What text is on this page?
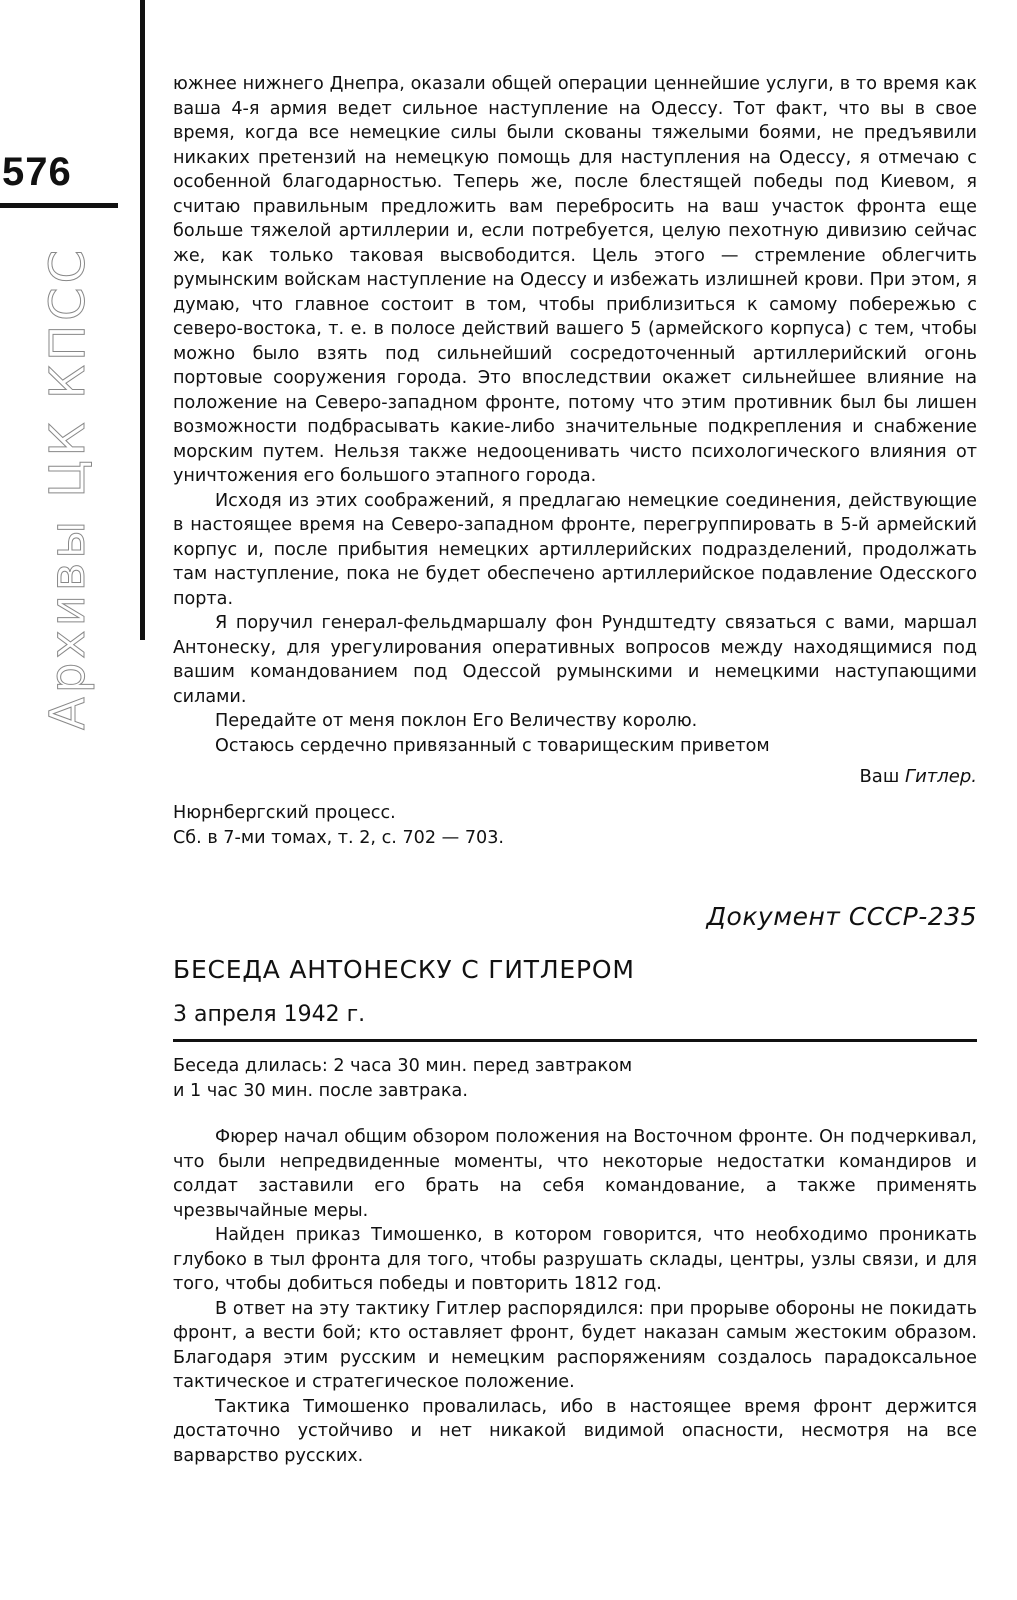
576
Архивы ЦК КПСС

южнее нижнего Днепра, оказали общей операции ценнейшие услуги, в то время как ваша 4-я армия ведет сильное наступление на Одессу. Тот факт, что вы в свое время, когда все немецкие силы были скованы тяжелыми боями, не предъявили никаких претензий на немецкую помощь для наступления на Одессу, я отмечаю с особенной благодарностью. Теперь же, после блестящей победы под Киевом, я считаю правильным предложить вам перебросить на ваш участок фронта еще больше тяжелой артиллерии и, если потребуется, целую пехотную дивизию сейчас же, как только таковая высвободится. Цель этого — стремление облегчить румынским войскам наступление на Одессу и избежать излишней крови. При этом, я думаю, что главное состоит в том, чтобы приблизиться к самому побережью с северо-востока, т. е. в полосе действий вашего 5 (армейского корпуса) с тем, чтобы можно было взять под сильнейший сосредоточенный артиллерийский огонь портовые сооружения города. Это впоследствии окажет сильнейшее влияние на положение на Северо-западном фронте, потому что этим противник был бы лишен возможности подбрасывать какие-либо значительные подкрепления и снабжение морским путем. Нельзя также недооценивать чисто психологического влияния от уничтожения его большого этапного города.

Исходя из этих соображений, я предлагаю немецкие соединения, действующие в настоящее время на Северо-западном фронте, перегруппировать в 5-й армейский корпус и, после прибытия немецких артиллерийских подразделений, продолжать там наступление, пока не будет обеспечено артиллерийское подавление Одесского порта.

Я поручил генерал-фельдмаршалу фон Рундштедту связаться с вами, маршал Антонеску, для урегулирования оперативных вопросов между находящимися под вашим командованием под Одессой румынскими и немецкими наступающими силами.

Передайте от меня поклон Его Величеству королю.

Остаюсь сердечно привязанный с товарищеским приветом

Ваш Гитлер.
Нюрнбергский процесс.
Сб. в 7-ми томах, т. 2, с. 702 — 703.
Документ СССР-235
БЕСЕДА АНТОНЕСКУ С ГИТЛЕРОМ
3 апреля 1942 г.
Беседа длилась: 2 часа 30 мин. перед завтраком
и 1 час 30 мин. после завтрака.

Фюрер начал общим обзором положения на Восточном фронте. Он подчеркивал, что были непредвиденные моменты, что некоторые недостатки командиров и солдат заставили его брать на себя командование, а также применять чрезвычайные меры.

Найден приказ Тимошенко, в котором говорится, что необходимо проникать глубоко в тыл фронта для того, чтобы разрушать склады, центры, узлы связи, и для того, чтобы добиться победы и повторить 1812 год.

В ответ на эту тактику Гитлер распорядился: при прорыве обороны не покидать фронт, а вести бой; кто оставляет фронт, будет наказан самым жестоким образом. Благодаря этим русским и немецким распоряжениям создалось парадоксальное тактическое и стратегическое положение.

Тактика Тимошенко провалилась, ибо в настоящее время фронт держится достаточно устойчиво и нет никакой видимой опасности, несмотря на все варварство русских.
